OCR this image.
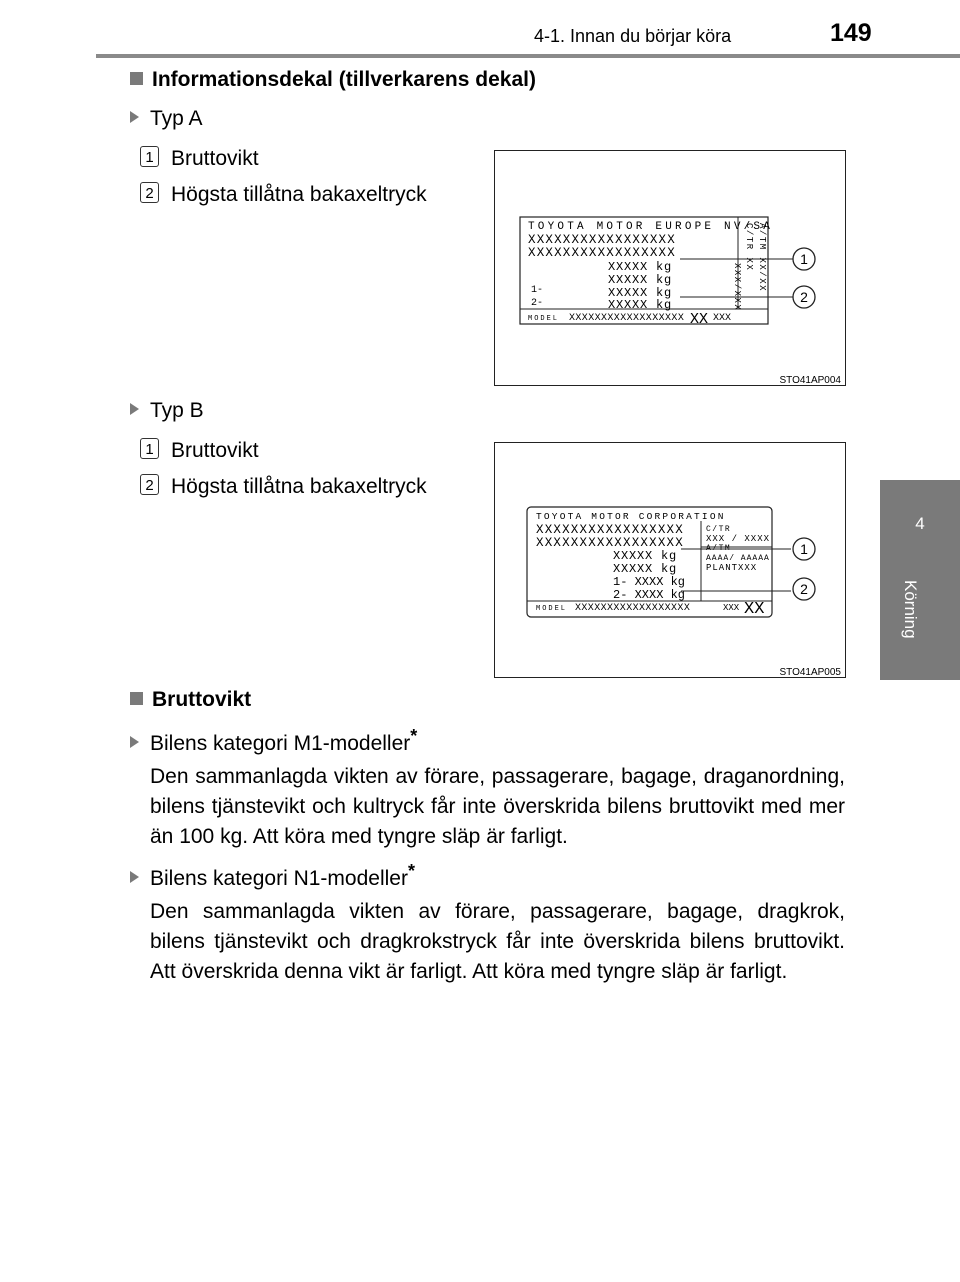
4-1. Innan du börjar köra	149
4
Körning
Informationsdekal (tillverkarens dekal)
Typ A
1 Bruttovikt
2 Högsta tillåtna bakaxeltryck
TOYOTA MOTOR EUROPE NV/SA
XXXXXXXXXXXXXXXXX
XXXXXXXXXXXXXXXXX
XXXXX kg
XXXXX kg
XXXXX kg
XXXXX kg
1-
2-
MODEL XXXXXXXXXXXXXXXXXX XX XXX
C/TR XX A/TM XX/XX
XXX/XXX
1
2
STO41AP004
Typ B
1 Bruttovikt
2 Högsta tillåtna bakaxeltryck
TOYOTA MOTOR CORPORATION
XXXXXXXXXXXXXXXXX
XXXXXXXXXXXXXXXXX
XXXXX kg
XXXXX kg
1- XXXX kg
2- XXXX kg
C/TR
XXX / XXXX
A/TM
AAAA/ AAAAA
PLANTXXX
MODEL XXXXXXXXXXXXXXXXXX	XXX XX
1
2
STO41AP005
Bruttovikt
Bilens kategori M1-modeller*
Den sammanlagda vikten av förare, passagerare, bagage, draganordning, bilens tjänstevikt och kultryck får inte överskrida bilens bruttovikt med mer än 100 kg. Att köra med tyngre släp är farligt.
Bilens kategori N1-modeller*
Den sammanlagda vikten av förare, passagerare, bagage, dragkrok, bilens tjänstevikt och dragkrokstryck får inte överskrida bilens bruttovikt. Att överskrida denna vikt är farligt. Att köra med tyngre släp är farligt.
